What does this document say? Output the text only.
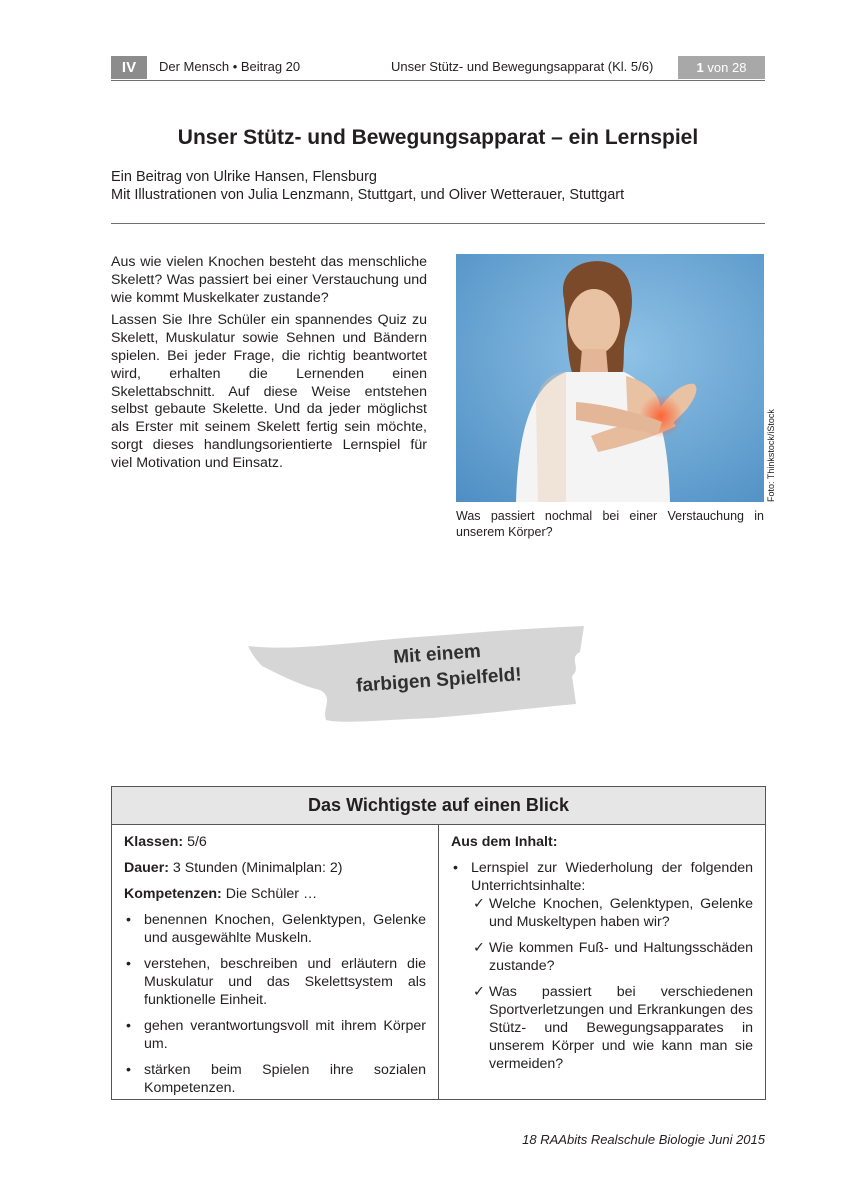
IV	Der Mensch • Beitrag 20	Unser Stütz- und Bewegungsapparat (Kl. 5/6)	1 von 28
Unser Stütz- und Bewegungsapparat – ein Lernspiel
Ein Beitrag von Ulrike Hansen, Flensburg
Mit Illustrationen von Julia Lenzmann, Stuttgart, und Oliver Wetterauer, Stuttgart

Aus wie vielen Knochen besteht das menschliche Skelett? Was passiert bei einer Verstauchung und wie kommt Muskelkater zustande?

Lassen Sie Ihre Schüler ein spannendes Quiz zu Skelett, Muskulatur sowie Sehnen und Bändern spielen. Bei jeder Frage, die richtig beantwortet wird, erhalten die Lernenden einen Skelettabschnitt. Auf diese Weise entstehen selbst gebaute Skelette. Und da jeder möglichst als Erster mit seinem Skelett fertig sein möchte, sorgt dieses handlungsorientierte Lernspiel für viel Motivation und Einsatz.	Foto: Thinkstock/iStock
Was passiert nochmal bei einer Verstauchung in unserem Körper?
Mit einem
farbigen Spielfeld!
Das Wichtigste auf einen Blick

Klassen: 5/6

Dauer: 3 Stunden (Minimalplan: 2)

Kompetenzen: Die Schüler …

• benennen Knochen, Gelenktypen, Gelenke und ausgewählte Muskeln.
• verstehen, beschreiben und erläutern die Muskulatur und das Skelettsystem als funktionelle Einheit.
• gehen verantwortungsvoll mit ihrem Körper um.
• stärken beim Spielen ihre sozialen Kompetenzen.

Aus dem Inhalt:

• Lernspiel zur Wiederholung der folgenden Unterrichtsinhalte:
✓ Welche Knochen, Gelenktypen, Gelenke und Muskeltypen haben wir?
✓ Wie kommen Fuß- und Haltungsschäden zustande?
✓ Was passiert bei verschiedenen Sportverletzungen und Erkrankungen des Stütz- und Bewegungsapparates in unserem Körper und wie kann man sie vermeiden?
18 RAAbits Realschule Biologie Juni 2015
